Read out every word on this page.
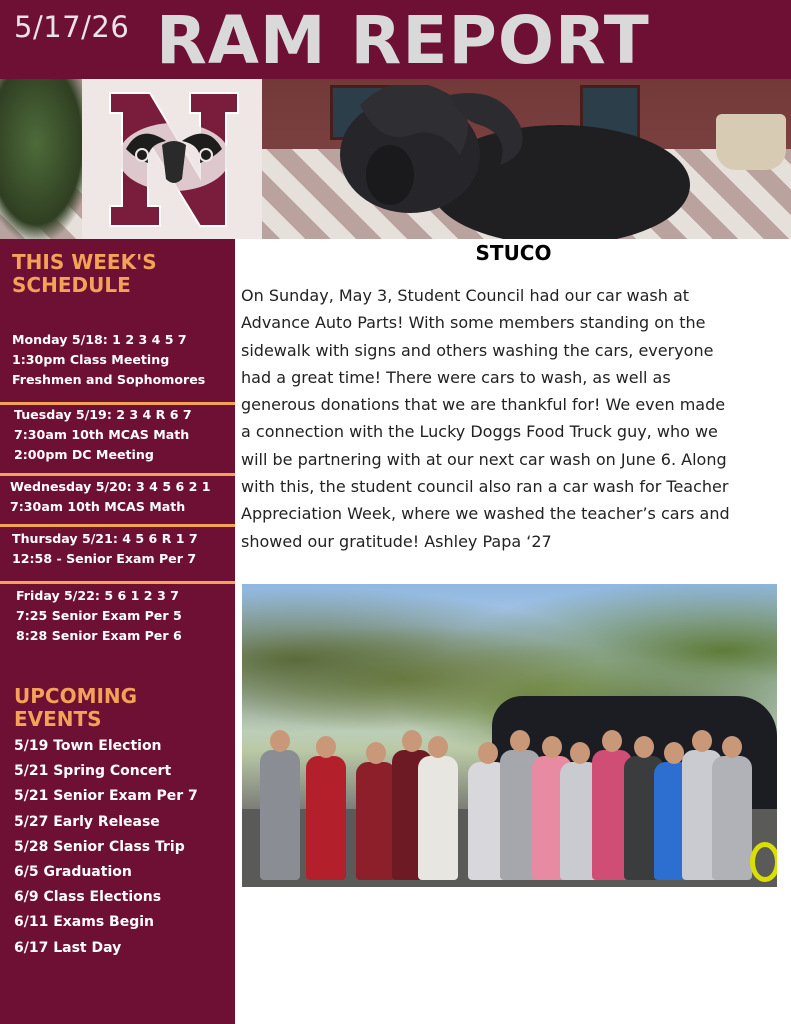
5/17/26 RAM REPORT
THIS WEEK'S
SCHEDULE
Monday 5/18: 1 2 3 4 5 7
1:30pm Class Meeting
Freshmen and Sophomores
Tuesday 5/19: 2 3 4 R 6 7
7:30am 10th MCAS Math
2:00pm DC Meeting
Wednesday 5/20: 3 4 5 6 2 1
7:30am 10th MCAS Math
Thursday 5/21: 4 5 6 R 1 7
12:58 - Senior Exam Per 7
Friday 5/22: 5 6 1 2 3 7
7:25 Senior Exam Per 5
8:28 Senior Exam Per 6
UPCOMING
EVENTS
5/19 Town Election
5/21 Spring Concert
5/21 Senior Exam Per 7
5/27 Early Release
5/28 Senior Class Trip
6/5 Graduation
6/9 Class Elections
6/11 Exams Begin
6/17 Last Day
STUCO
On Sunday, May 3, Student Council had our car wash at
Advance Auto Parts! With some members standing on the
sidewalk with signs and others washing the cars, everyone
had a great time! There were cars to wash, as well as
generous donations that we are thankful for! We even made
a connection with the Lucky Doggs Food Truck guy, who we
will be partnering with at our next car wash on June 6. Along
with this, the student council also ran a car wash for Teacher
Appreciation Week, where we washed the teacher’s cars and
showed our gratitude! Ashley Papa ‘27
